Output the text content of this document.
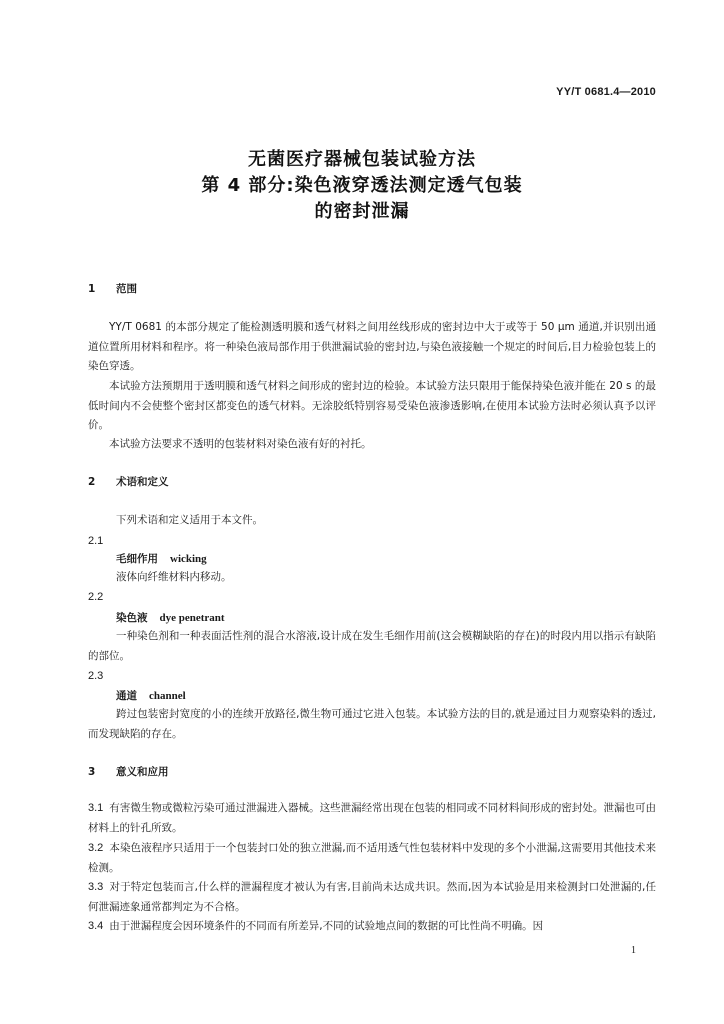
YY/T 0681.4—2010
无菌医疗器械包装试验方法
第 4 部分:染色液穿透法测定透气包装
的密封泄漏
1 范围
YY/T 0681 的本部分规定了能检测透明膜和透气材料之间用丝线形成的密封边中大于或等于 50 μm 通道,并识别出通道位置所用材料和程序。将一种染色液局部作用于供泄漏试验的密封边,与染色液接触一个规定的时间后,目力检验包装上的染色穿透。
本试验方法预期用于透明膜和透气材料之间形成的密封边的检验。本试验方法只限用于能保持染色液并能在 20 s 的最低时间内不会使整个密封区都变色的透气材料。无涂胶纸特别容易受染色液渗透影响,在使用本试验方法时必须认真予以评价。
本试验方法要求不透明的包装材料对染色液有好的衬托。
2 术语和定义
下列术语和定义适用于本文件。
2.1
毛细作用 wicking
液体向纤维材料内移动。
2.2
染色液 dye penetrant
一种染色剂和一种表面活性剂的混合水溶液,设计成在发生毛细作用前(这会模糊缺陷的存在)的时段内用以指示有缺陷的部位。
2.3
通道 channel
跨过包装密封宽度的小的连续开放路径,微生物可通过它进入包装。本试验方法的目的,就是通过目力观察染料的透过,而发现缺陷的存在。
3 意义和应用
3.1 有害微生物或微粒污染可通过泄漏进入器械。这些泄漏经常出现在包装的相同或不同材料间形成的密封处。泄漏也可由材料上的针孔所致。
3.2 本染色液程序只适用于一个包装封口处的独立泄漏,而不适用透气性包装材料中发现的多个小泄漏,这需要用其他技术来检测。
3.3 对于特定包装而言,什么样的泄漏程度才被认为有害,目前尚未达成共识。然而,因为本试验是用来检测封口处泄漏的,任何泄漏迹象通常都判定为不合格。
3.4 由于泄漏程度会因环境条件的不同而有所差异,不同的试验地点间的数据的可比性尚不明确。因
1
